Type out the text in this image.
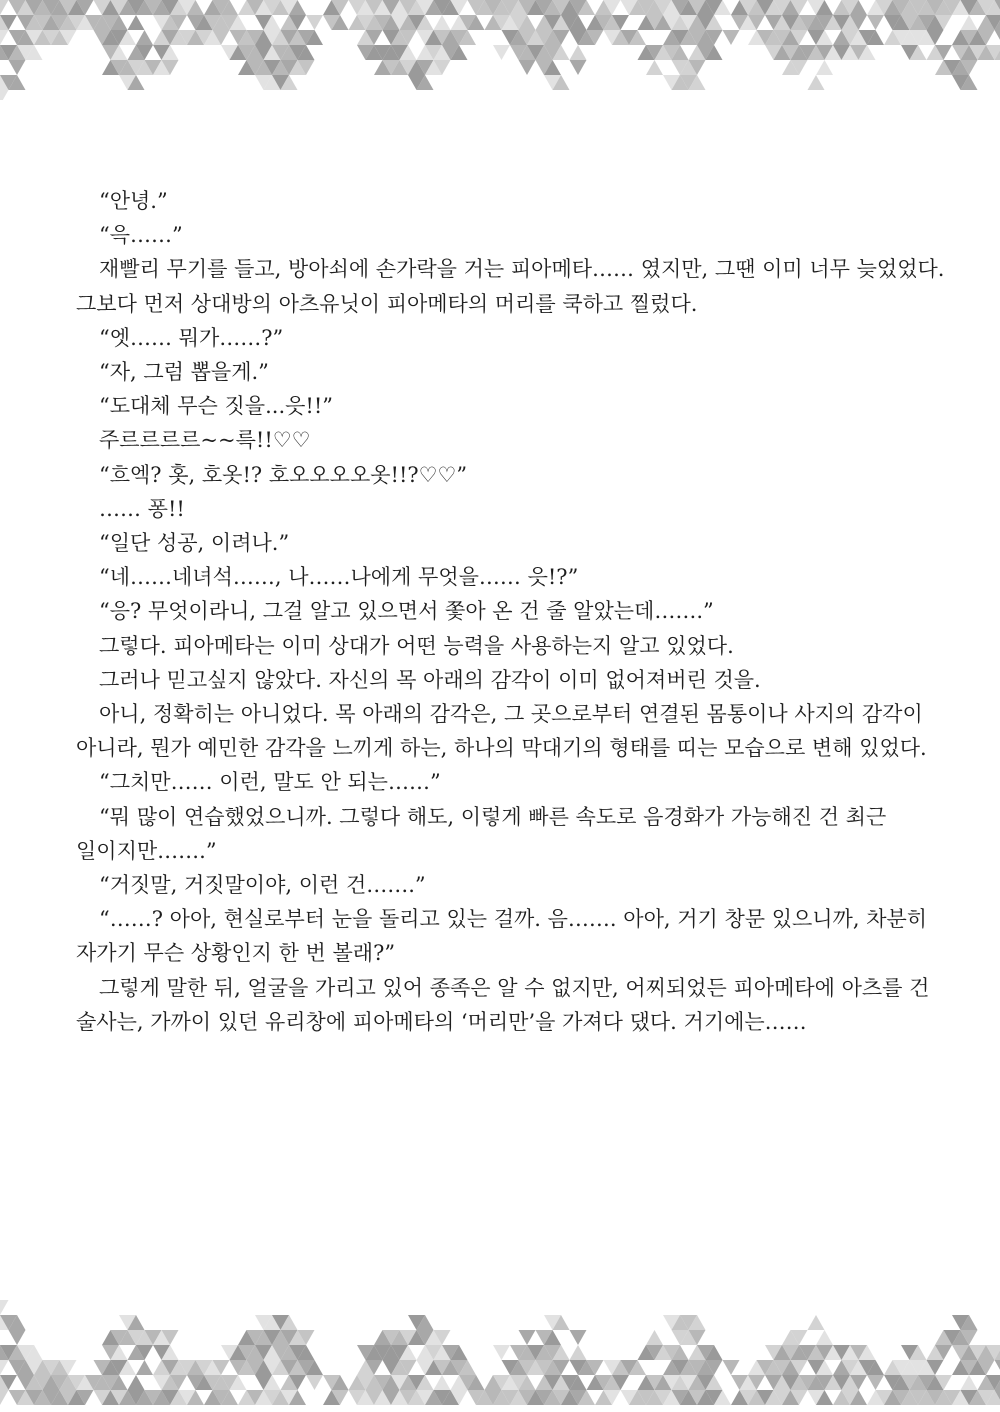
“안녕.”

“윽……”

재빨리 무기를 들고, 방아쇠에 손가락을 거는 피아메타…… 였지만, 그땐 이미 너무 늦었었다.

그보다 먼저 상대방의 아츠유닛이 피아메타의 머리를 쿡하고 찔렀다.

“엣…… 뭐가……?”

“자, 그럼 뽑을게.”

“도대체 무슨 짓을...읏!!”

주르르르르~~륵!!♡♡

“흐엑? 홋, 호옷!? 호오오오오옷!!?♡♡”

…… 퐁!!

“일단 성공, 이려나.”

“네……네녀석……, 나……나에게 무엇을…… 읏!?”

“응? 무엇이라니, 그걸 알고 있으면서 쫓아 온 건 줄 알았는데…….”

그렇다. 피아메타는 이미 상대가 어떤 능력을 사용하는지 알고 있었다.

그러나 믿고싶지 않았다. 자신의 목 아래의 감각이 이미 없어져버린 것을.

아니, 정확히는 아니었다. 목 아래의 감각은, 그 곳으로부터 연결된 몸통이나 사지의 감각이

아니라, 뭔가 예민한 감각을 느끼게 하는, 하나의 막대기의 형태를 띠는 모습으로 변해 있었다.

“그치만…… 이런, 말도 안 되는……”

“뭐 많이 연습했었으니까. 그렇다 해도, 이렇게 빠른 속도로 음경화가 가능해진 건 최근

일이지만…….”

“거짓말, 거짓말이야, 이런 건…….”

“……? 아아, 현실로부터 눈을 돌리고 있는 걸까. 음……. 아아, 거기 창문 있으니까, 차분히

자가기 무슨 상황인지 한 번 볼래?”

그렇게 말한 뒤, 얼굴을 가리고 있어 종족은 알 수 없지만, 어찌되었든 피아메타에 아츠를 건

술사는, 가까이 있던 유리창에 피아메타의 ‘머리만’을 가져다 댔다. 거기에는……
